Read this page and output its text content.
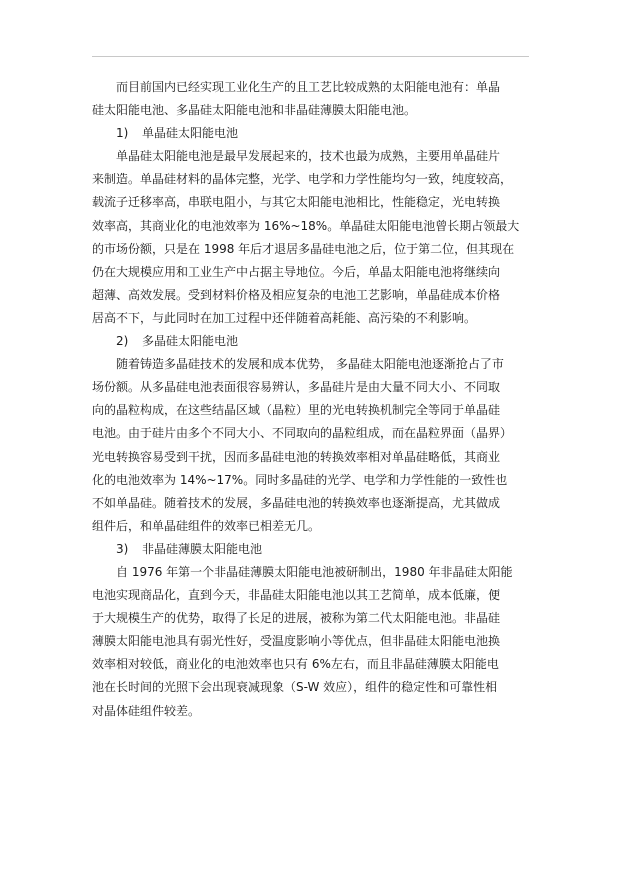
而目前国内已经实现工业化生产的且工艺比较成熟的太阳能电池有：单晶
硅太阳能电池、多晶硅太阳能电池和非晶硅薄膜太阳能电池。
1) 单晶硅太阳能电池
单晶硅太阳能电池是最早发展起来的，技术也最为成熟，主要用单晶硅片
来制造。单晶硅材料的晶体完整，光学、电学和力学性能均匀一致，纯度较高，
载流子迁移率高，串联电阻小，与其它太阳能电池相比，性能稳定，光电转换
效率高，其商业化的电池效率为 16%~18%。单晶硅太阳能电池曾长期占领最大
的市场份额，只是在 1998 年后才退居多晶硅电池之后，位于第二位，但其现在
仍在大规模应用和工业生产中占据主导地位。今后，单晶太阳能电池将继续向
超薄、高效发展。受到材料价格及相应复杂的电池工艺影响，单晶硅成本价格
居高不下，与此同时在加工过程中还伴随着高耗能、高污染的不利影响。
2) 多晶硅太阳能电池
随着铸造多晶硅技术的发展和成本优势， 多晶硅太阳能电池逐渐抢占了市
场份额。从多晶硅电池表面很容易辨认，多晶硅片是由大量不同大小、不同取
向的晶粒构成，在这些结晶区域（晶粒）里的光电转换机制完全等同于单晶硅
电池。由于硅片由多个不同大小、不同取向的晶粒组成，而在晶粒界面（晶界）
光电转换容易受到干扰，因而多晶硅电池的转换效率相对单晶硅略低，其商业
化的电池效率为 14%~17%。同时多晶硅的光学、电学和力学性能的一致性也
不如单晶硅。随着技术的发展，多晶硅电池的转换效率也逐渐提高，尤其做成
组件后，和单晶硅组件的效率已相差无几。
3) 非晶硅薄膜太阳能电池
自 1976 年第一个非晶硅薄膜太阳能电池被研制出，1980 年非晶硅太阳能
电池实现商品化，直到今天，非晶硅太阳能电池以其工艺简单，成本低廉，便
于大规模生产的优势，取得了长足的进展，被称为第二代太阳能电池。非晶硅
薄膜太阳能电池具有弱光性好，受温度影响小等优点，但非晶硅太阳能电池换
效率相对较低，商业化的电池效率也只有 6%左右，而且非晶硅薄膜太阳能电
池在长时间的光照下会出现衰减现象（S-W 效应），组件的稳定性和可靠性相
对晶体硅组件较差。
